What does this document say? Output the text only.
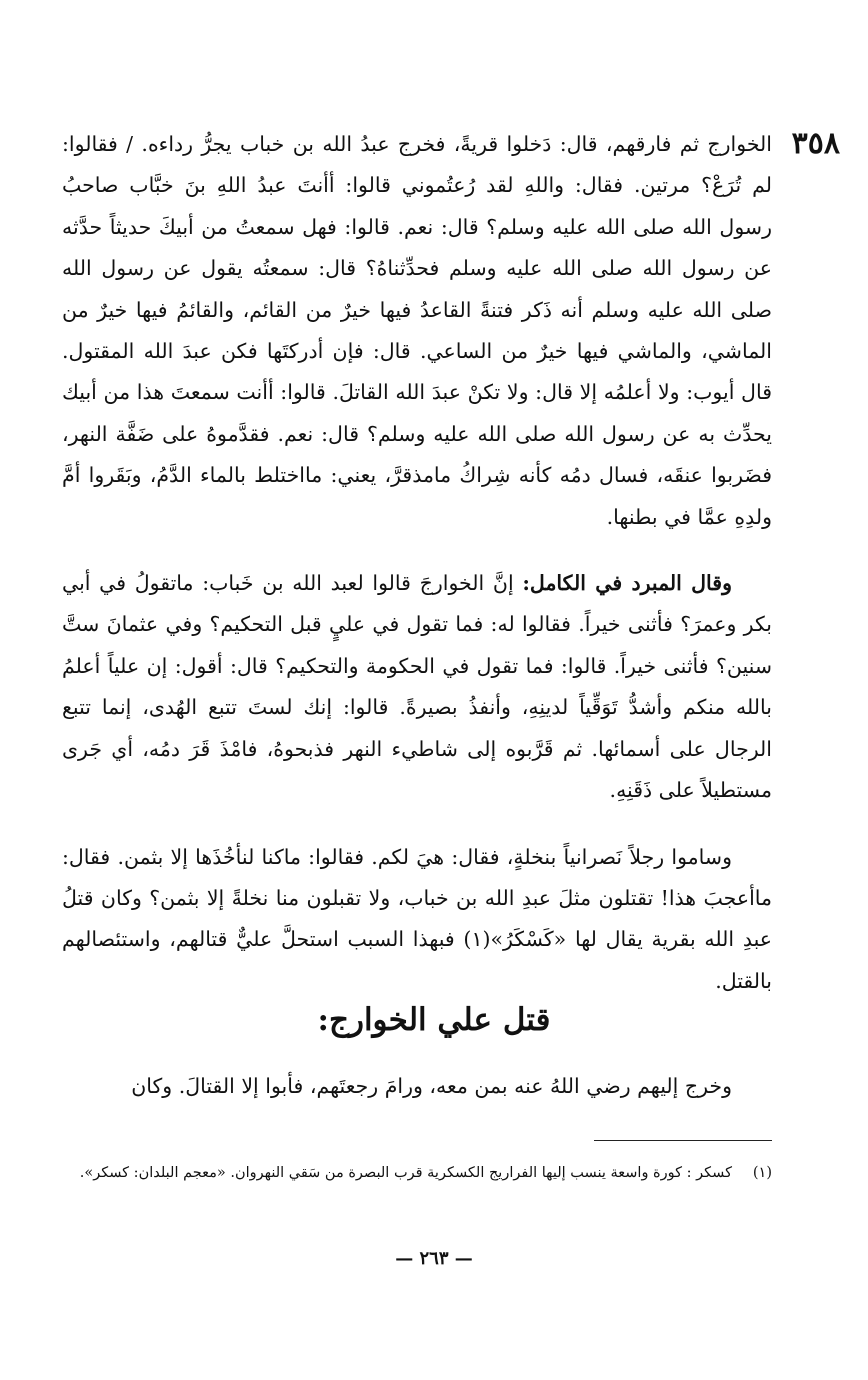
٣٥٨

الخوارج ثم فارقهم، قال: دَخلوا قريةً، فخرج عبدُ الله بن خباب يجرُّ رداءه. / فقالوا: لم تُرَعْ؟ مرتين. فقال: واللهِ لقد رُعتُموني قالوا: أأنتَ عبدُ اللهِ بنَ خبَّاب صاحبُ رسول الله صلى الله عليه وسلم؟ قال: نعم. قالوا: فهل سمعتُ من أبيكَ حديثاً حدَّثه عن رسول الله صلى الله عليه وسلم فحدِّثناهُ؟ قال: سمعتُه يقول عن رسول الله صلى الله عليه وسلم أنه ذَكر فتنةً القاعدُ فيها خيرٌ من القائم، والقائمُ فيها خيرٌ من الماشي، والماشي فيها خيرٌ من الساعي. قال: فإن أدركتَها فكن عبدَ الله المقتول. قال أيوب: ولا أعلمُه إلا قال: ولا تكنْ عبدَ الله القاتلَ. قالوا: أأنت سمعتَ هذا من أبيك يحدِّث به عن رسول الله صلى الله عليه وسلم؟ قال: نعم. فقدَّموهُ على ضَفَّة النهر، فضَربوا عنقَه، فسال دمُه كأنه شِراكُ مامذقرَّ، يعني: مااختلط بالماء الدَّمُ، وبَقَروا أمَّ ولدِهِ عمَّا في بطنها.

وقال المبرد في الكامل: إنَّ الخوارجَ قالوا لعبد الله بن خَباب: ماتقولُ في أبي بكر وعمرَ؟ فأثنى خيراً. فقالوا له: فما تقول في عليٍ قبل التحكيم؟ وفي عثمانَ ستَّ سنين؟ فأثنى خيراً. قالوا: فما تقول في الحكومة والتحكيم؟ قال: أقول: إن علياً أعلمُ بالله منكم وأشدُّ تَوَقِّياً لدينِهِ، وأنفذُ بصيرةً. قالوا: إنك لستَ تتبع الهُدى، إنما تتبع الرجال على أسمائها. ثم قَرَّبوه إلى شاطيء النهر فذبحوهُ، فامْذَ قَرَ دمُه، أي جَرى مستطيلاً على ذَقَنِهِ.

وساموا رجلاً نَصرانياً بنخلةٍ، فقال: هيَ لكم. فقالوا: ماكنا لنأخُذَها إلا بثمن. فقال: ماأعجبَ هذا! تقتلون مثلَ عبدِ الله بن خباب، ولا تقبلون منا نخلةً إلا بثمن؟ وكان قتلُ عبدِ الله بقرية يقال لها «كَسْكَرُ»(١) فبهذا السبب استحلَّ عليٌّ قتالهم، واستئصالهم بالقتل.

قتل علي الخوارج:

وخرج إليهم رضي اللهُ عنه بمن معه، ورامَ رجعتَهم، فأبوا إلا القتالَ. وكان

(١)كسكر : كورة واسعة ينسب إليها الفراريج الكسكرية قرب البصرة من سَقي النهروان. «معجم البلدان: كسكر».
— ٢٦٣ —
